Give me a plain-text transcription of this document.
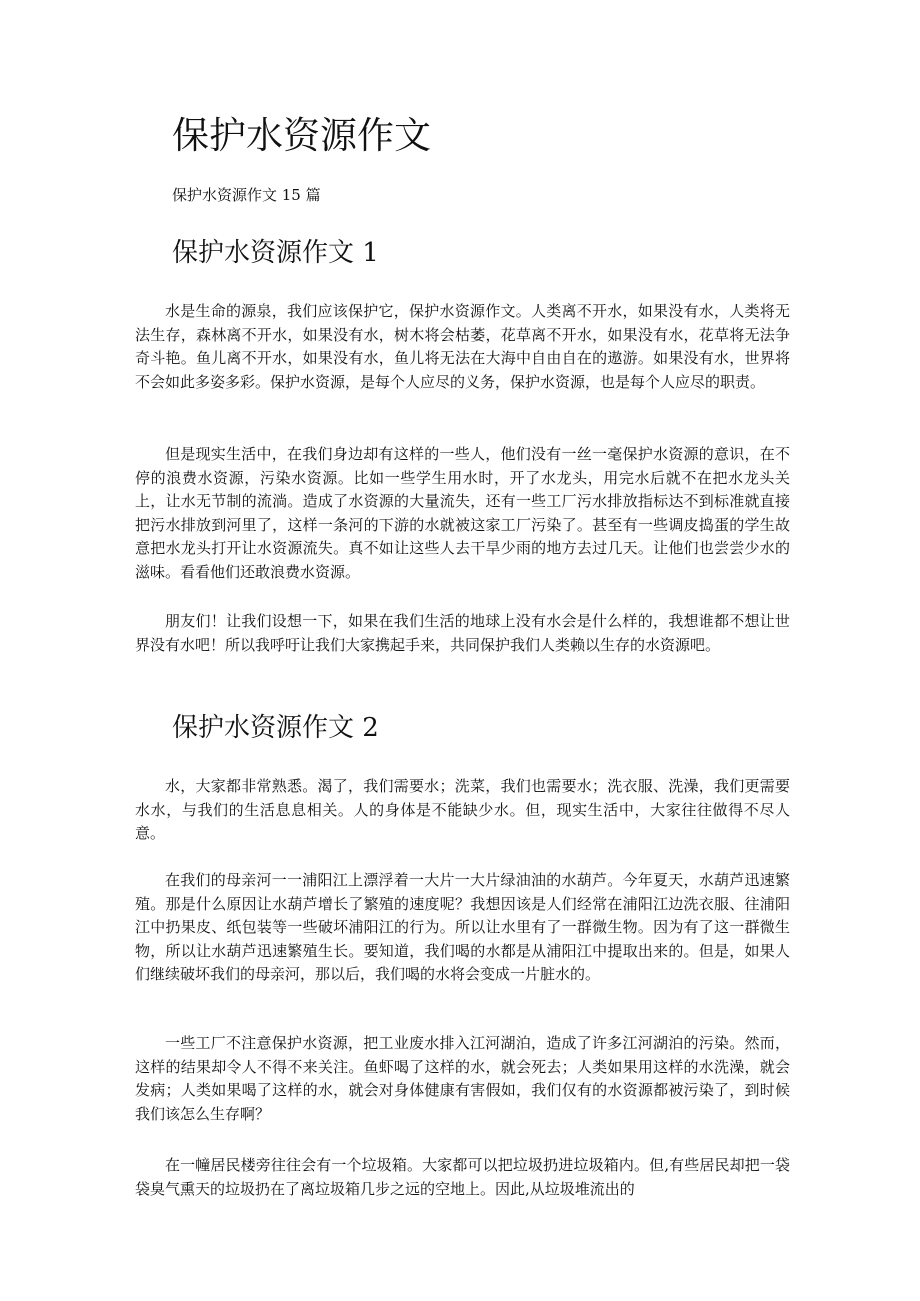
保护水资源作文
保护水资源作文 15 篇
保护水资源作文 1

水是生命的源泉，我们应该保护它，保护水资源作文。人类离不开水，如果没有水，人类将无法生存，森林离不开水，如果没有水，树木将会枯萎，花草离不开水，如果没有水，花草将无法争奇斗艳。鱼儿离不开水，如果没有水，鱼儿将无法在大海中自由自在的遨游。如果没有水，世界将不会如此多姿多彩。保护水资源，是每个人应尽的义务，保护水资源，也是每个人应尽的职责。

但是现实生活中，在我们身边却有这样的一些人，他们没有一丝一毫保护水资源的意识，在不停的浪费水资源，污染水资源。比如一些学生用水时，开了水龙头，用完水后就不在把水龙头关上，让水无节制的流淌。造成了水资源的大量流失，还有一些工厂污水排放指标达不到标准就直接把污水排放到河里了，这样一条河的下游的水就被这家工厂污染了。甚至有一些调皮捣蛋的学生故意把水龙头打开让水资源流失。真不如让这些人去干旱少雨的地方去过几天。让他们也尝尝少水的滋味。看看他们还敢浪费水资源。

朋友们！让我们设想一下，如果在我们生活的地球上没有水会是什么样的，我想谁都不想让世界没有水吧！所以我呼吁让我们大家携起手来，共同保护我们人类赖以生存的水资源吧。

保护水资源作文 2

水，大家都非常熟悉。渴了，我们需要水；洗菜，我们也需要水；洗衣服、洗澡，我们更需要水水，与我们的生活息息相关。人的身体是不能缺少水。但，现实生活中，大家往往做得不尽人意。

在我们的母亲河一一浦阳江上漂浮着一大片一大片绿油油的水葫芦。今年夏天，水葫芦迅速繁殖。那是什么原因让水葫芦增长了繁殖的速度呢？我想因该是人们经常在浦阳江边洗衣服、往浦阳江中扔果皮、纸包装等一些破坏浦阳江的行为。所以让水里有了一群微生物。因为有了这一群微生物，所以让水葫芦迅速繁殖生长。要知道，我们喝的水都是从浦阳江中提取出来的。但是，如果人们继续破坏我们的母亲河，那以后，我们喝的水将会变成一片脏水的。

一些工厂不注意保护水资源，把工业废水排入江河湖泊，造成了许多江河湖泊的污染。然而，这样的结果却令人不得不来关注。鱼虾喝了这样的水，就会死去；人类如果用这样的水洗澡，就会发病；人类如果喝了这样的水，就会对身体健康有害假如，我们仅有的水资源都被污染了，到时候我们该怎么生存啊？

在一幢居民楼旁往往会有一个垃圾箱。大家都可以把垃圾扔进垃圾箱内。但,有些居民却把一袋袋臭气熏天的垃圾扔在了离垃圾箱几步之远的空地上。因此,从垃圾堆流出的
